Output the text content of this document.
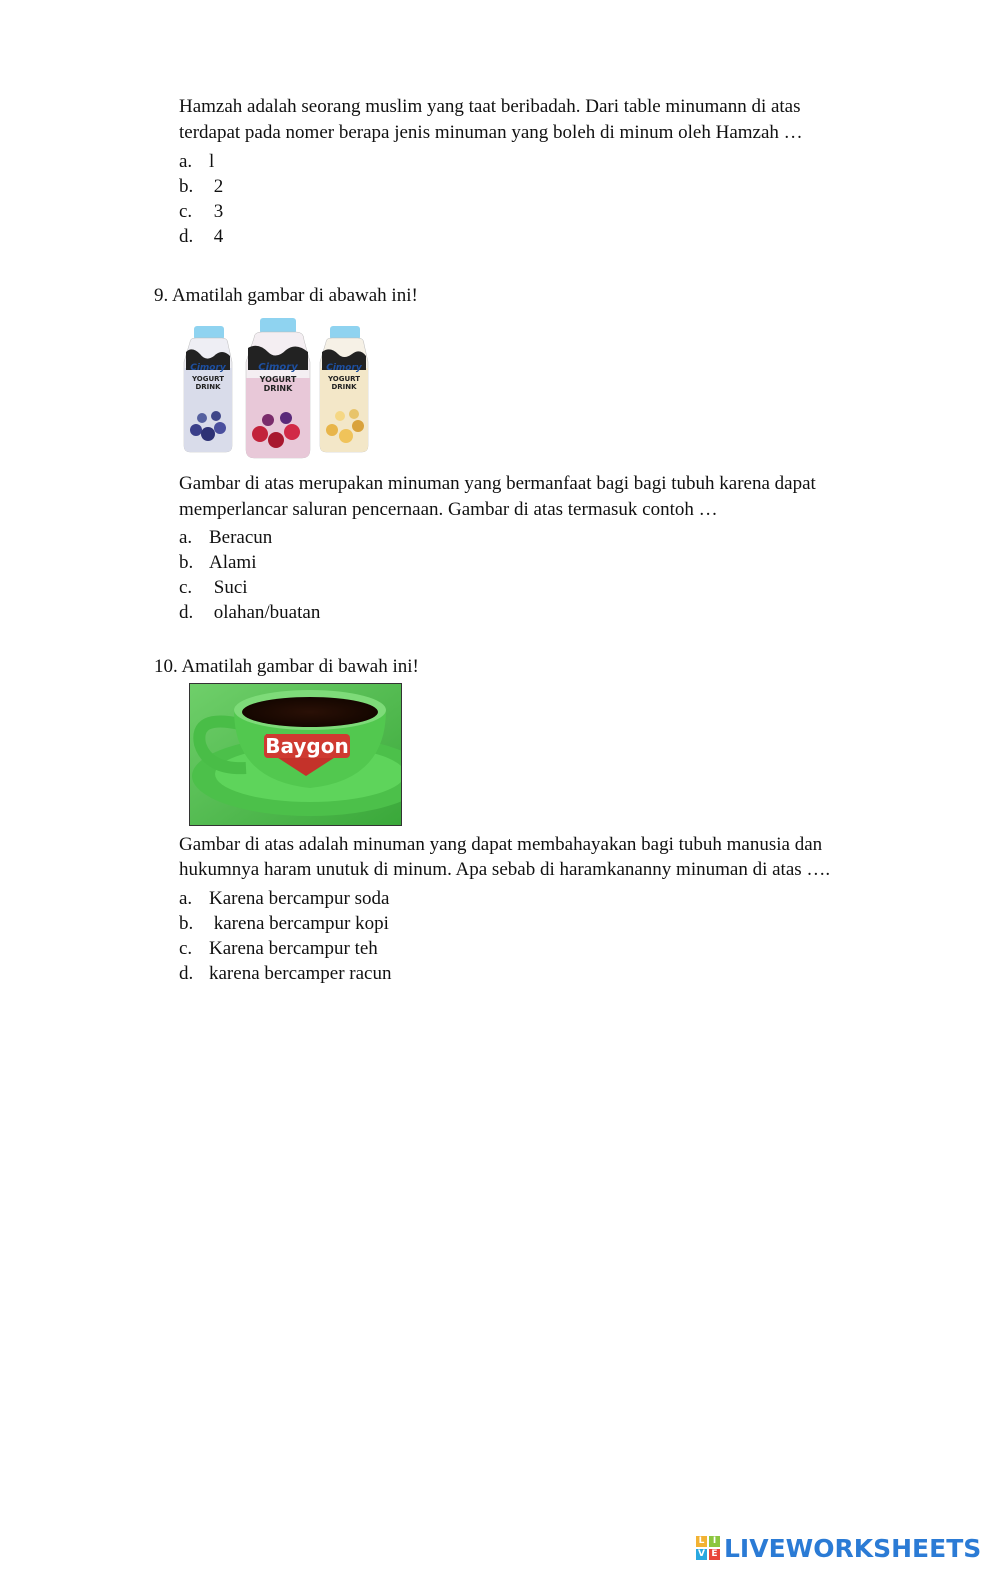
Hamzah adalah seorang muslim yang taat beribadah. Dari table minumann di atas
terdapat pada nomer berapa jenis minuman yang boleh di minum oleh Hamzah …
a. l
b. 2
c. 3
d. 4
9. Amatilah gambar di abawah ini!
Cimory
YOGURT
DRINK
Cimory
YOGURT
DRINK
Cimory
YOGURT
DRINK
Gambar di atas merupakan minuman yang bermanfaat bagi bagi tubuh karena dapat
memperlancar saluran pencernaan. Gambar di atas termasuk contoh …
a. Beracun
b. Alami
c. Suci
d. olahan/buatan
10. Amatilah gambar di bawah ini!
Baygon
Gambar di atas adalah minuman yang dapat membahayakan bagi tubuh manusia dan
hukumnya haram unutuk di minum. Apa sebab di haramkananny minuman di atas ….
a. Karena bercampur soda
b. karena bercampur kopi
c. Karena bercampur teh
d. karena bercamper racun
L I
V E LIVEWORKSHEETS
